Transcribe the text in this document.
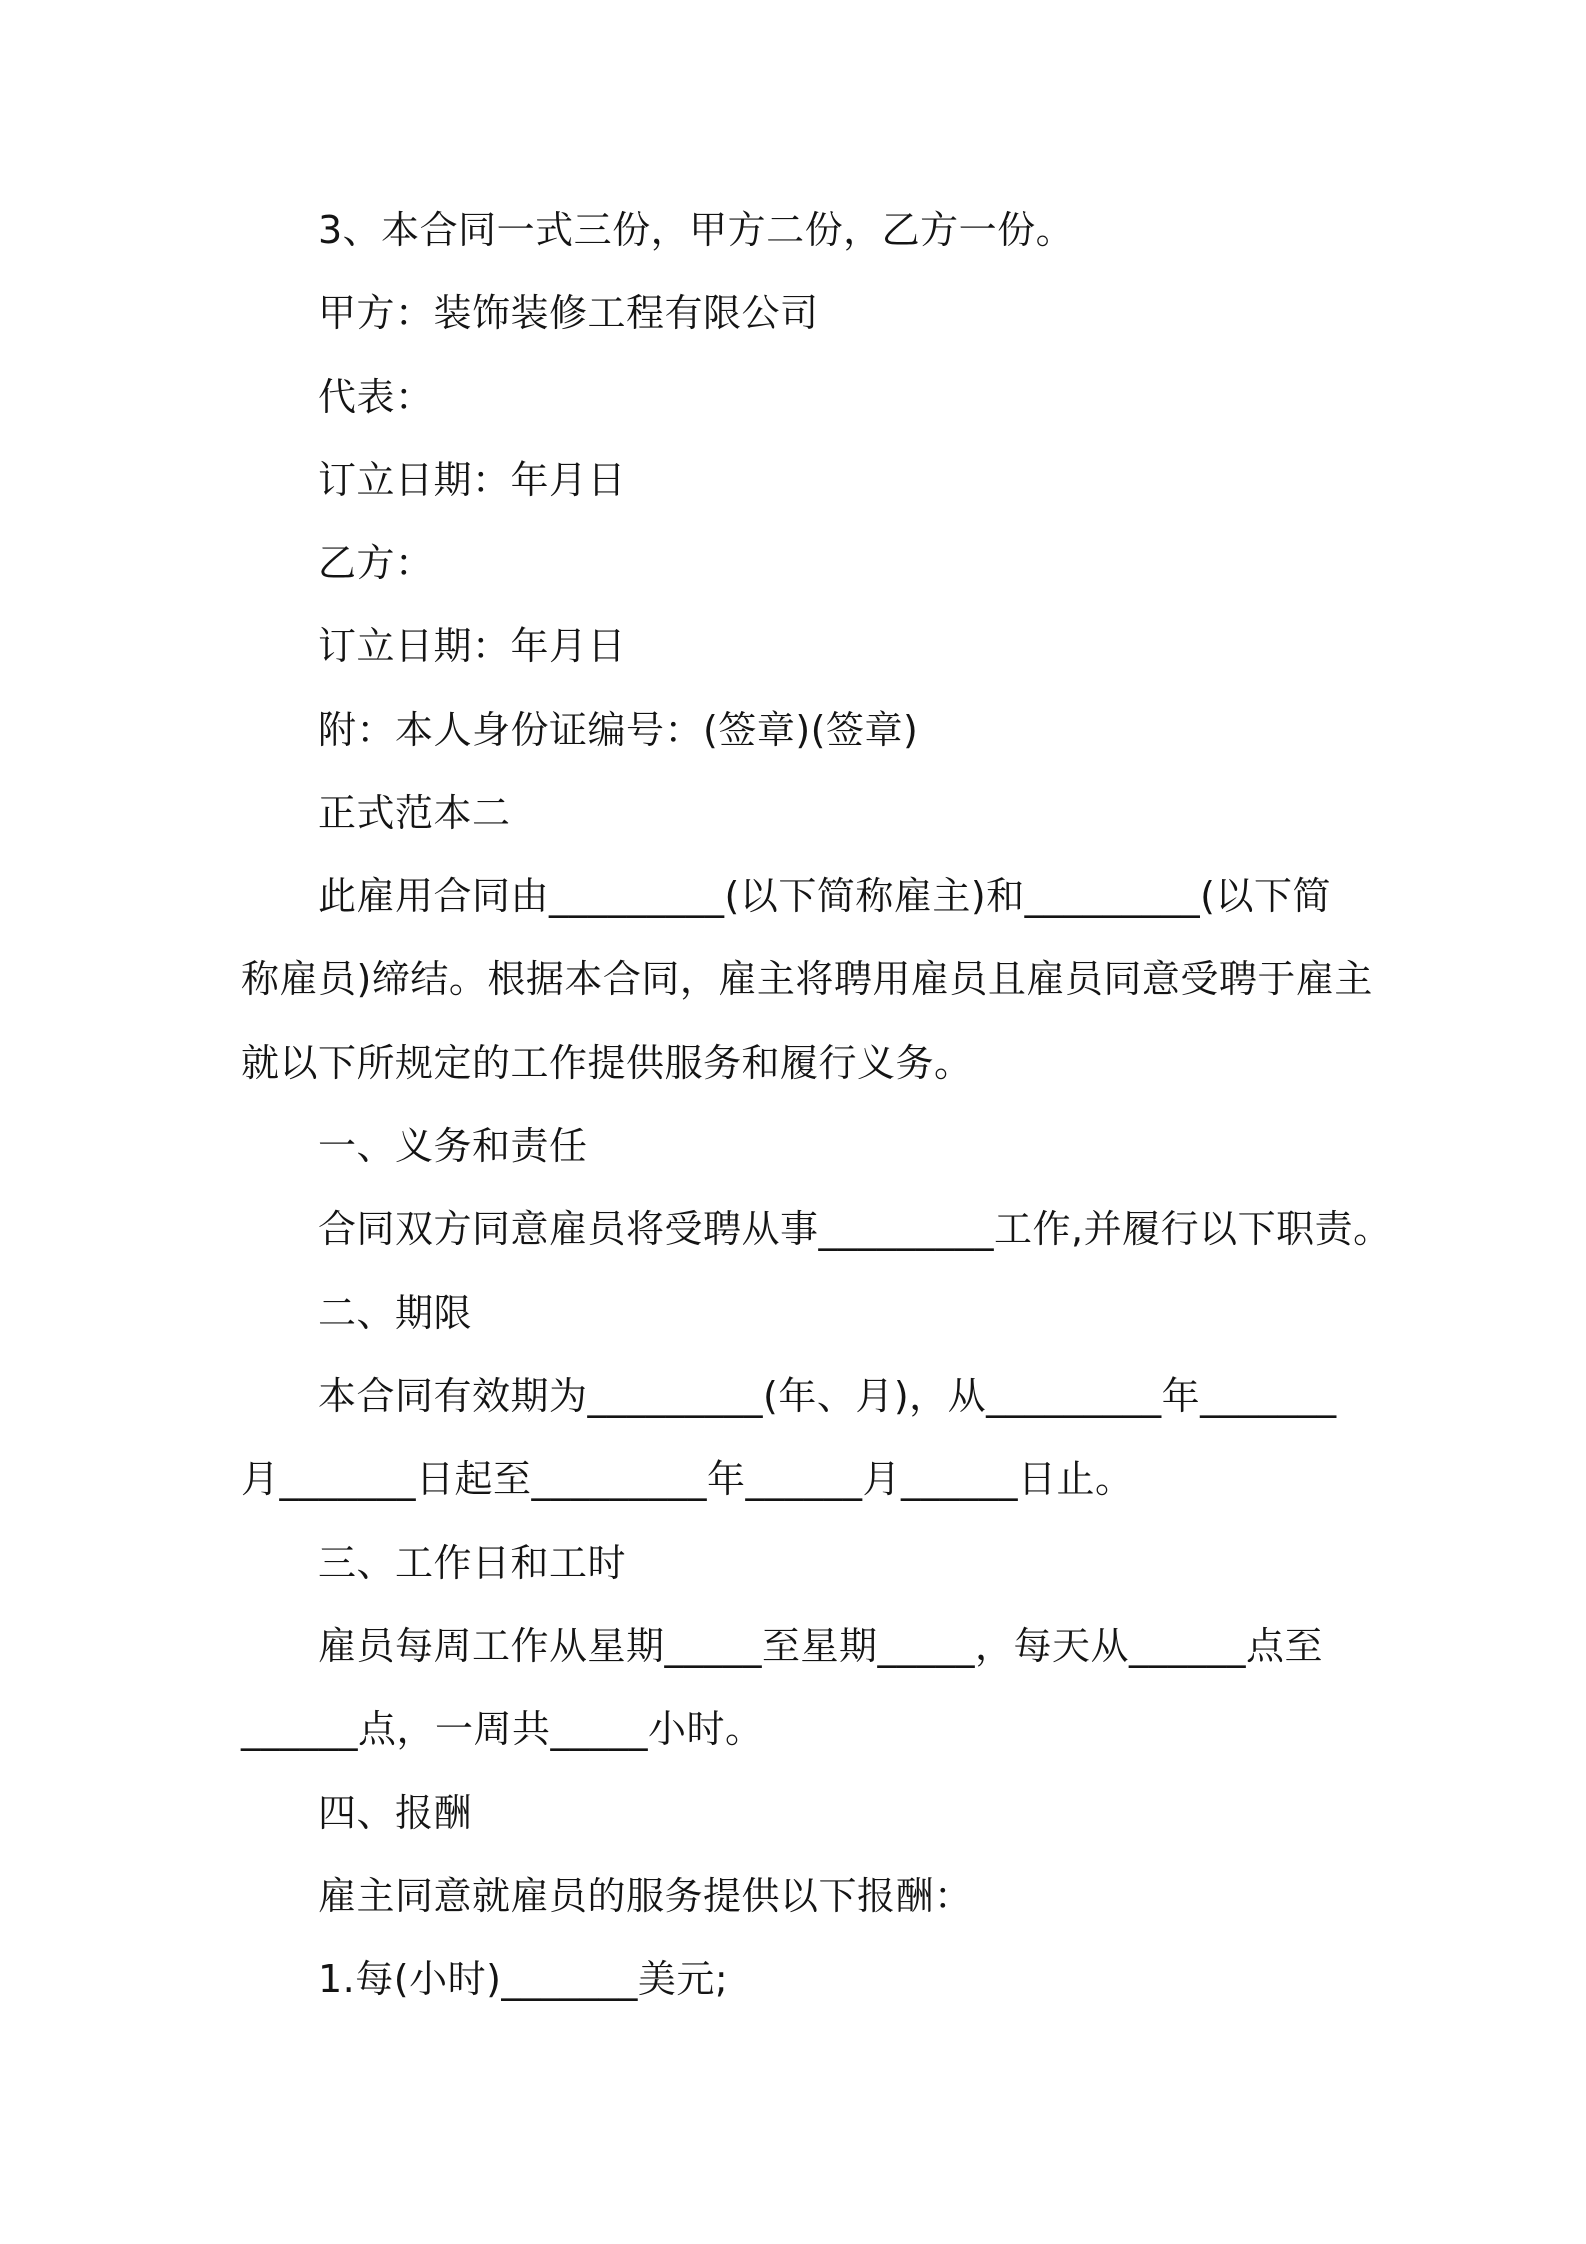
3、本合同一式三份，甲方二份，乙方一份。
甲方：装饰装修工程有限公司
代表：
订立日期：年月日
乙方：
订立日期：年月日
附：本人身份证编号：(签章)(签章)
正式范本二
此雇用合同由_________(以下简称雇主)和_________(以下简
称雇员)缔结。根据本合同，雇主将聘用雇员且雇员同意受聘于雇主
就以下所规定的工作提供服务和履行义务。
一、义务和责任
合同双方同意雇员将受聘从事_________工作,并履行以下职责。
二、期限
本合同有效期为_________(年、月)，从_________年_______
月_______日起至_________年______月______日止。
三、工作日和工时
雇员每周工作从星期_____至星期_____，每天从______点至
______点，一周共_____小时。
四、报酬
雇主同意就雇员的服务提供以下报酬：
1.每(小时)_______美元;
